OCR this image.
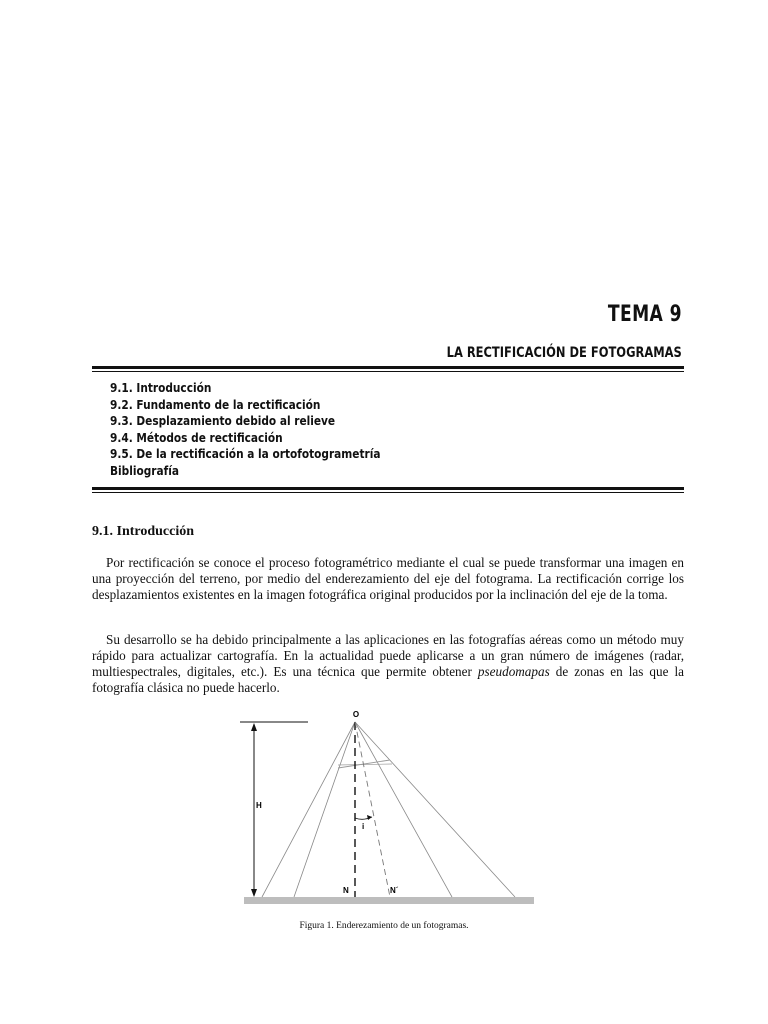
TEMA 9
LA RECTIFICACIÓN DE FOTOGRAMAS
9.1. Introducción
9.2. Fundamento de la rectificación
9.3. Desplazamiento debido al relieve
9.4. Métodos de rectificación
9.5. De la rectificación a la ortofotogrametría
Bibliografía
9.1. Introducción

Por rectificación se conoce el proceso fotogramétrico mediante el cual se puede transformar una imagen en una proyección del terreno, por medio del enderezamiento del eje del fotograma. La rectificación corrige los desplazamientos existentes en la imagen fotográfica original producidos por la inclinación del eje de la toma.

Su desarrollo se ha debido principalmente a las aplicaciones en las fotografías aéreas como un método muy rápido para actualizar cartografía. En la actualidad puede aplicarse a un gran número de imágenes (radar, multiespectrales, digitales, etc.). Es una técnica que permite obtener pseudomapas de zonas en las que la fotografía clásica no puede hacerlo.

O
H
i
N	N´
Figura 1. Enderezamiento de un fotogramas.
